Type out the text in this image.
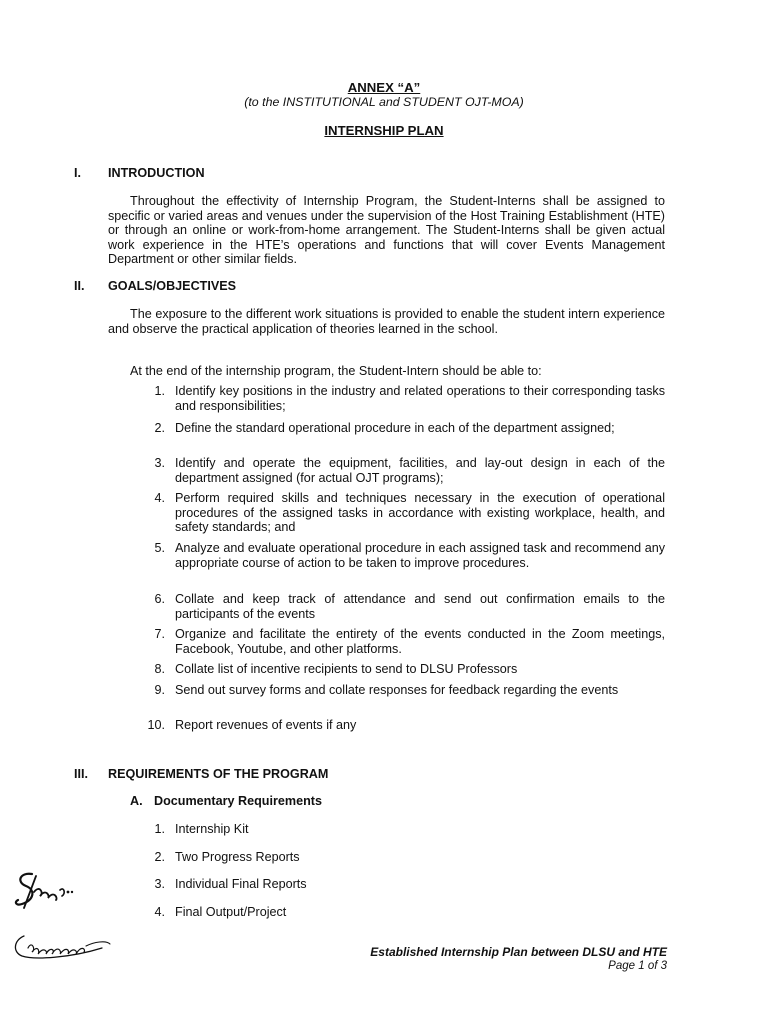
ANNEX “A”
(to the INSTITUTIONAL and STUDENT OJT-MOA)
INTERNSHIP PLAN
I. INTRODUCTION
Throughout the effectivity of Internship Program, the Student-Interns shall be assigned to specific or varied areas and venues under the supervision of the Host Training Establishment (HTE) or through an online or work-from-home arrangement. The Student-Interns shall be given actual work experience in the HTE’s operations and functions that will cover Events Management Department or other similar fields.
II. GOALS/OBJECTIVES
The exposure to the different work situations is provided to enable the student intern experience and observe the practical application of theories learned in the school.
At the end of the internship program, the Student-Intern should be able to:
1. Identify key positions in the industry and related operations to their corresponding tasks and responsibilities;
2. Define the standard operational procedure in each of the department assigned;
3. Identify and operate the equipment, facilities, and lay-out design in each of the department assigned (for actual OJT programs);
4. Perform required skills and techniques necessary in the execution of operational procedures of the assigned tasks in accordance with existing workplace, health, and safety standards; and
5. Analyze and evaluate operational procedure in each assigned task and recommend any appropriate course of action to be taken to improve procedures.
6. Collate and keep track of attendance and send out confirmation emails to the participants of the events
7. Organize and facilitate the entirety of the events conducted in the Zoom meetings, Facebook, Youtube, and other platforms.
8. Collate list of incentive recipients to send to DLSU Professors
9. Send out survey forms and collate responses for feedback regarding the events
10. Report revenues of events if any
III. REQUIREMENTS OF THE PROGRAM
A. Documentary Requirements
1. Internship Kit
2. Two Progress Reports
3. Individual Final Reports
4. Final Output/Project
Established Internship Plan between DLSU and HTE
Page 1 of 3
